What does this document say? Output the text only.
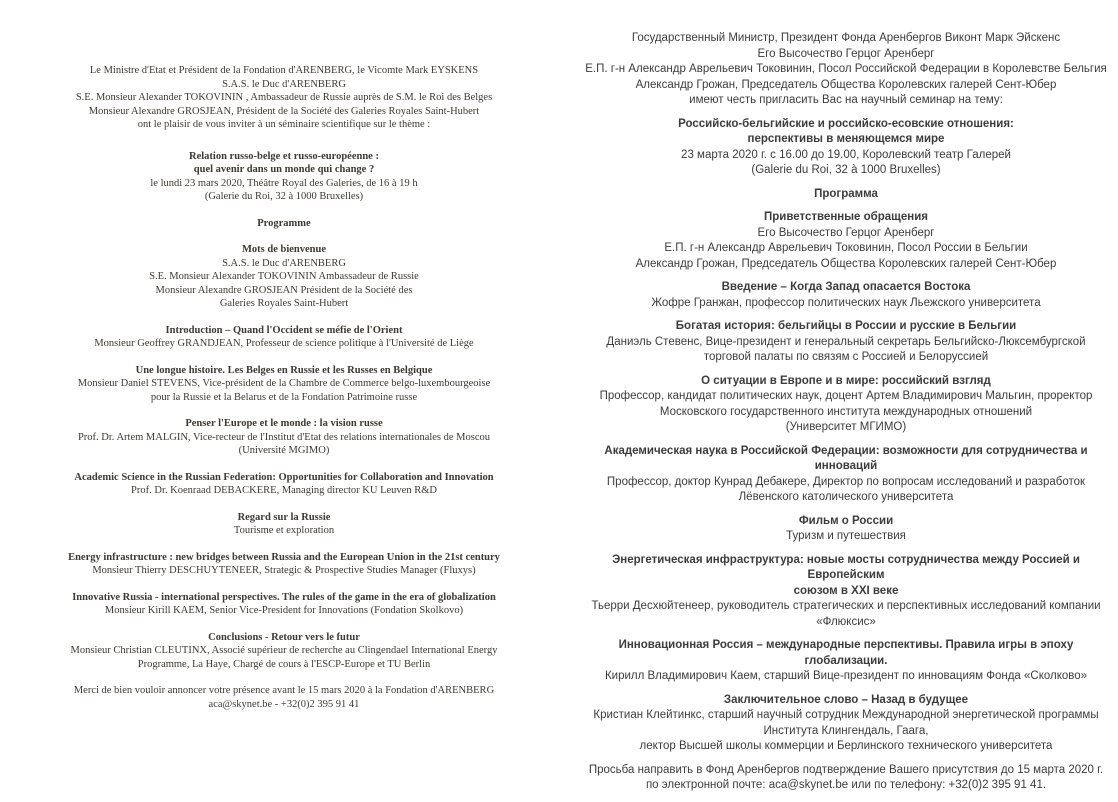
Le Ministre d'Etat et Président de la Fondation d'ARENBERG, le Vicomte Mark EYSKENS
S.A.S. le Duc d'ARENBERG
S.E. Monsieur Alexander TOKOVININ , Ambassadeur de Russie auprès de S.M. le Roi des Belges
Monsieur Alexandre GROSJEAN, Président de la Société des Galeries Royales Saint-Hubert
ont le plaisir de vous inviter à un séminaire scientifique sur le thème :

Relation russo-belge et russo-européenne :
quel avenir dans un monde qui change ?
le lundi 23 mars 2020, Théâtre Royal des Galeries, de 16 à 19 h
(Galerie du Roi, 32 à 1000 Bruxelles)

Programme

Mots de bienvenue
S.A.S. le Duc d'ARENBERG
S.E. Monsieur Alexander TOKOVININ Ambassadeur de Russie
Monsieur Alexandre GROSJEAN Président de la Société des
Galeries Royales Saint-Hubert

Introduction – Quand l'Occident se méfie de l'Orient
Monsieur Geoffrey GRANDJEAN, Professeur de science politique à l'Université de Liège

Une longue histoire. Les Belges en Russie et les Russes en Belgique
Monsieur Daniel STEVENS, Vice-président de la Chambre de Commerce belgo-luxembourgeoise
pour la Russie et la Belarus et de la Fondation Patrimoine russe

Penser l'Europe et le monde : la vision russe
Prof. Dr. Artem MALGIN, Vice-recteur de l'Institut d'Etat des relations internationales de Moscou
(Université MGIMO)

Academic Science in the Russian Federation: Opportunities for Collaboration and Innovation
Prof. Dr. Koenraad DEBACKERE, Managing director KU Leuven R&D

Regard sur la Russie
Tourisme et exploration

Energy infrastructure : new bridges between Russia and the European Union in the 21st century
Monsieur Thierry DESCHUYTENEER, Strategic & Prospective Studies Manager (Fluxys)

Innovative Russia - international perspectives. The rules of the game in the era of globalization
Monsieur Kirill KAEM, Senior Vice-President for Innovations (Fondation Skolkovo)

Conclusions - Retour vers le futur
Monsieur Christian CLEUTINX, Associé supérieur de recherche au Clingendael International Energy
Programme, La Haye, Chargé de cours à l'ESCP-Europe et TU Berlin

Merci de bien vouloir annoncer votre présence avant le 15 mars 2020 à la Fondation d'ARENBERG
aca@skynet.be - +32(0)2 395 91 41

Государственный Министр, Президент Фонда Аренбергов Виконт Марк Эйскенс
Его Высочество Герцог Аренберг
Е.П. г-н Александр Аврельевич Токовинин, Посол Российской Федерации в Королевстве Бельгия
Александр Грожан, Председатель Общества Королевских галерей Сент-Юбер
имеют честь пригласить Вас на научный семинар на тему:

Российско-бельгийские и российско-есовские отношения:
перспективы в меняющемся мире
23 марта 2020 г. с 16.00 до 19.00, Королевский театр Галерей
(Galerie du Roi, 32 à 1000 Bruxelles)

Программа

Приветственные обращения
Его Высочество Герцог Аренберг
Е.П. г-н Александр Аврельевич Токовинин, Посол России в Бельгии
Александр Грожан, Председатель Общества Королевских галерей Сент-Юбер

Введение – Когда Запад опасается Востока
Жофре Гранжан, профессор политических наук Льежского университета

Богатая история: бельгийцы в России и русские в Бельгии
Даниэль Стевенс, Вице-президент и генеральный секретарь Бельгийско-Люксембургской
торговой палаты по связям с Россией и Белоруссией

О ситуации в Европе и в мире: российский взгляд
Профессор, кандидат политических наук, доцент Артем Владимирович Мальгин, проректор
Московского государственного института международных отношений
(Университет МГИМО)

Академическая наука в Российской Федерации: возможности для сотрудничества и
инноваций
Профессор, доктор Кунрад Дебакере, Директор по вопросам исследований и разработок
Лёвенского католического университета

Фильм о России
Туризм и путешествия

Энергетическая инфраструктура: новые мосты сотрудничества между Россией и Европейским
союзом в XXI веке
Тьерри Десхюйтенеер, руководитель стратегических и перспективных исследований компании
«Флюксис»

Инновационная Россия – международные перспективы. Правила игры в эпоху глобализации.
Кирилл Владимирович Каем, старший Вице-президент по инновациям Фонда «Сколково»

Заключительное слово – Назад в будущее
Кристиан Клейтинкс, старший научный сотрудник Международной энергетической программы
Института Клингендаль, Гаага,
лектор Высшей школы коммерции и Берлинского технического университета

Просьба направить в Фонд Аренбергов подтверждение Вашего присутствия до 15 марта 2020 г.
по электронной почте: aca@skynet.be или по телефону: +32(0)2 395 91 41.
